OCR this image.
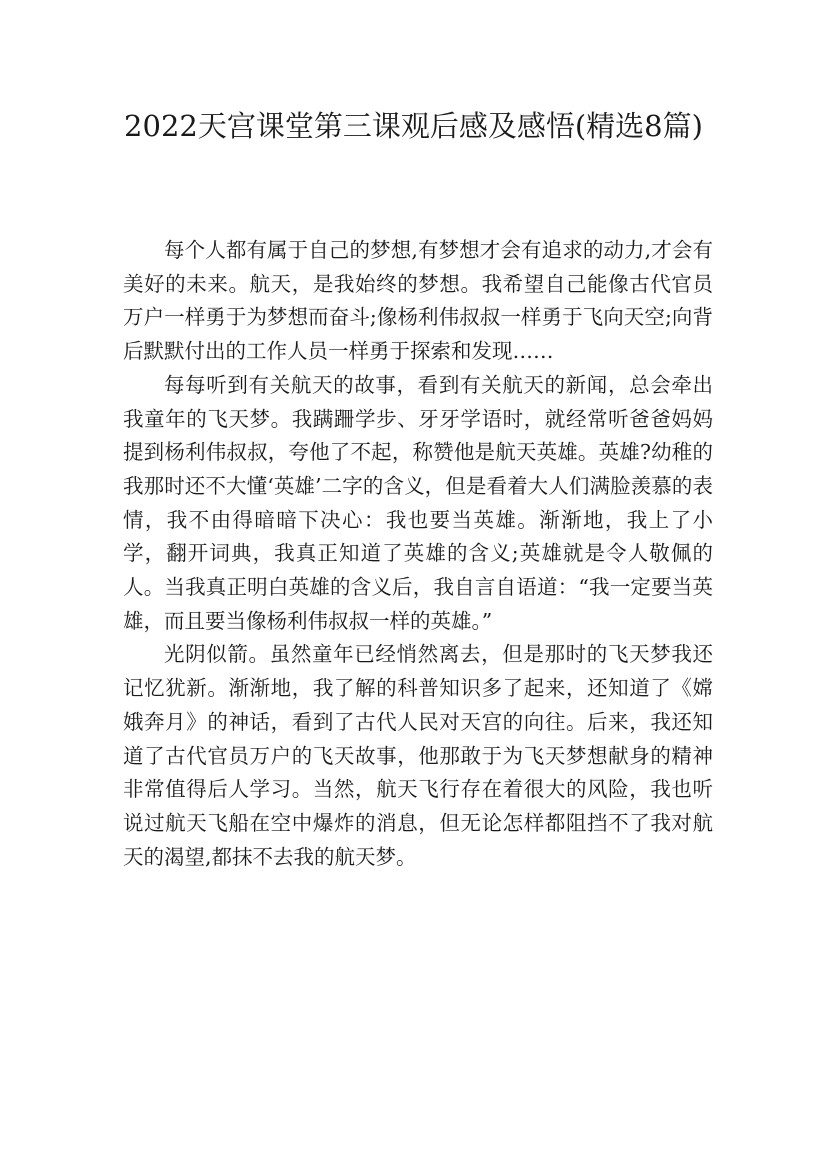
2022天宫课堂第三课观后感及感悟(精选8篇)

每个人都有属于自己的梦想,有梦想才会有追求的动力,才会有美好的未来。航天，是我始终的梦想。我希望自己能像古代官员万户一样勇于为梦想而奋斗;像杨利伟叔叔一样勇于飞向天空;向背后默默付出的工作人员一样勇于探索和发现……

每每听到有关航天的故事，看到有关航天的新闻，总会牵出我童年的飞天梦。我蹒跚学步、牙牙学语时，就经常听爸爸妈妈提到杨利伟叔叔，夸他了不起，称赞他是航天英雄。英雄?幼稚的我那时还不大懂‘英雄’二字的含义，但是看着大人们满脸羡慕的表情，我不由得暗暗下决心：我也要当英雄。渐渐地，我上了小学，翻开词典，我真正知道了英雄的含义;英雄就是令人敬佩的人。当我真正明白英雄的含义后，我自言自语道：“我一定要当英雄，而且要当像杨利伟叔叔一样的英雄。”

光阴似箭。虽然童年已经悄然离去，但是那时的飞天梦我还记忆犹新。渐渐地，我了解的科普知识多了起来，还知道了《嫦娥奔月》的神话，看到了古代人民对天宫的向往。后来，我还知道了古代官员万户的飞天故事，他那敢于为飞天梦想献身的精神非常值得后人学习。当然，航天飞行存在着很大的风险，我也听说过航天飞船在空中爆炸的消息，但无论怎样都阻挡不了我对航天的渴望,都抹不去我的航天梦。
